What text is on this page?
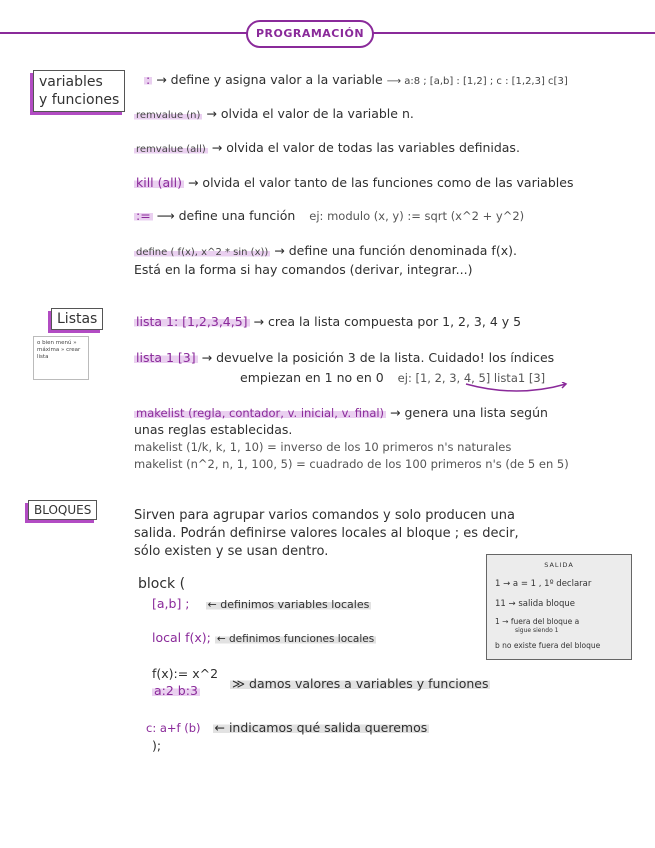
PROGRAMACIÓN
variables
y funciones
: → define y asigna valor a la variable ⟶ a:8 ; [a,b] : [1,2] ; c : [1,2,3] c[3]
remvalue (n) → olvida el valor de la variable n.
remvalue (all) → olvida el valor de todas las variables definidas.
kill (all) → olvida el valor tanto de las funciones como de las variables
:= ⟶ define una función ej: modulo (x, y) := sqrt (x^2 + y^2)
define ( f(x), x^2 * sin (x)) → define una función denominada f(x).
Está en la forma si hay comandos (derivar, integrar...)
Listas
o bien menú » máxima » crear lista
lista 1: [1,2,3,4,5] → crea la lista compuesta por 1, 2, 3, 4 y 5
lista 1 [3] → devuelve la posición 3 de la lista. Cuidado! los índices
empiezan en 1 no en 0 ej: [1, 2, 3, 4, 5] lista1 [3]
makelist (regla, contador, v. inicial, v. final) → genera una lista según
unas reglas establecidas.
makelist (1/k, k, 1, 10) = inverso de los 10 primeros n's naturales
makelist (n^2, n, 1, 100, 5) = cuadrado de los 100 primeros n's (de 5 en 5)
BLOQUES	Sirven para agrupar varios comandos y solo producen una
salida. Podrán definirse valores locales al bloque ; es decir,
sólo existen y se usan dentro.
block (
[a,b] ; ← definimos variables locales
local f(x); ← definimos funciones locales
f(x):= x^2
a:2 b:3	≫ damos valores a variables y funciones
c: a+f (b) ← indicamos qué salida queremos
);
SALIDA
1 → a = 1 , 1º declarar
11 → salida bloque
1 → fuera del bloque a
sigue siendo 1
b no existe fuera del bloque
